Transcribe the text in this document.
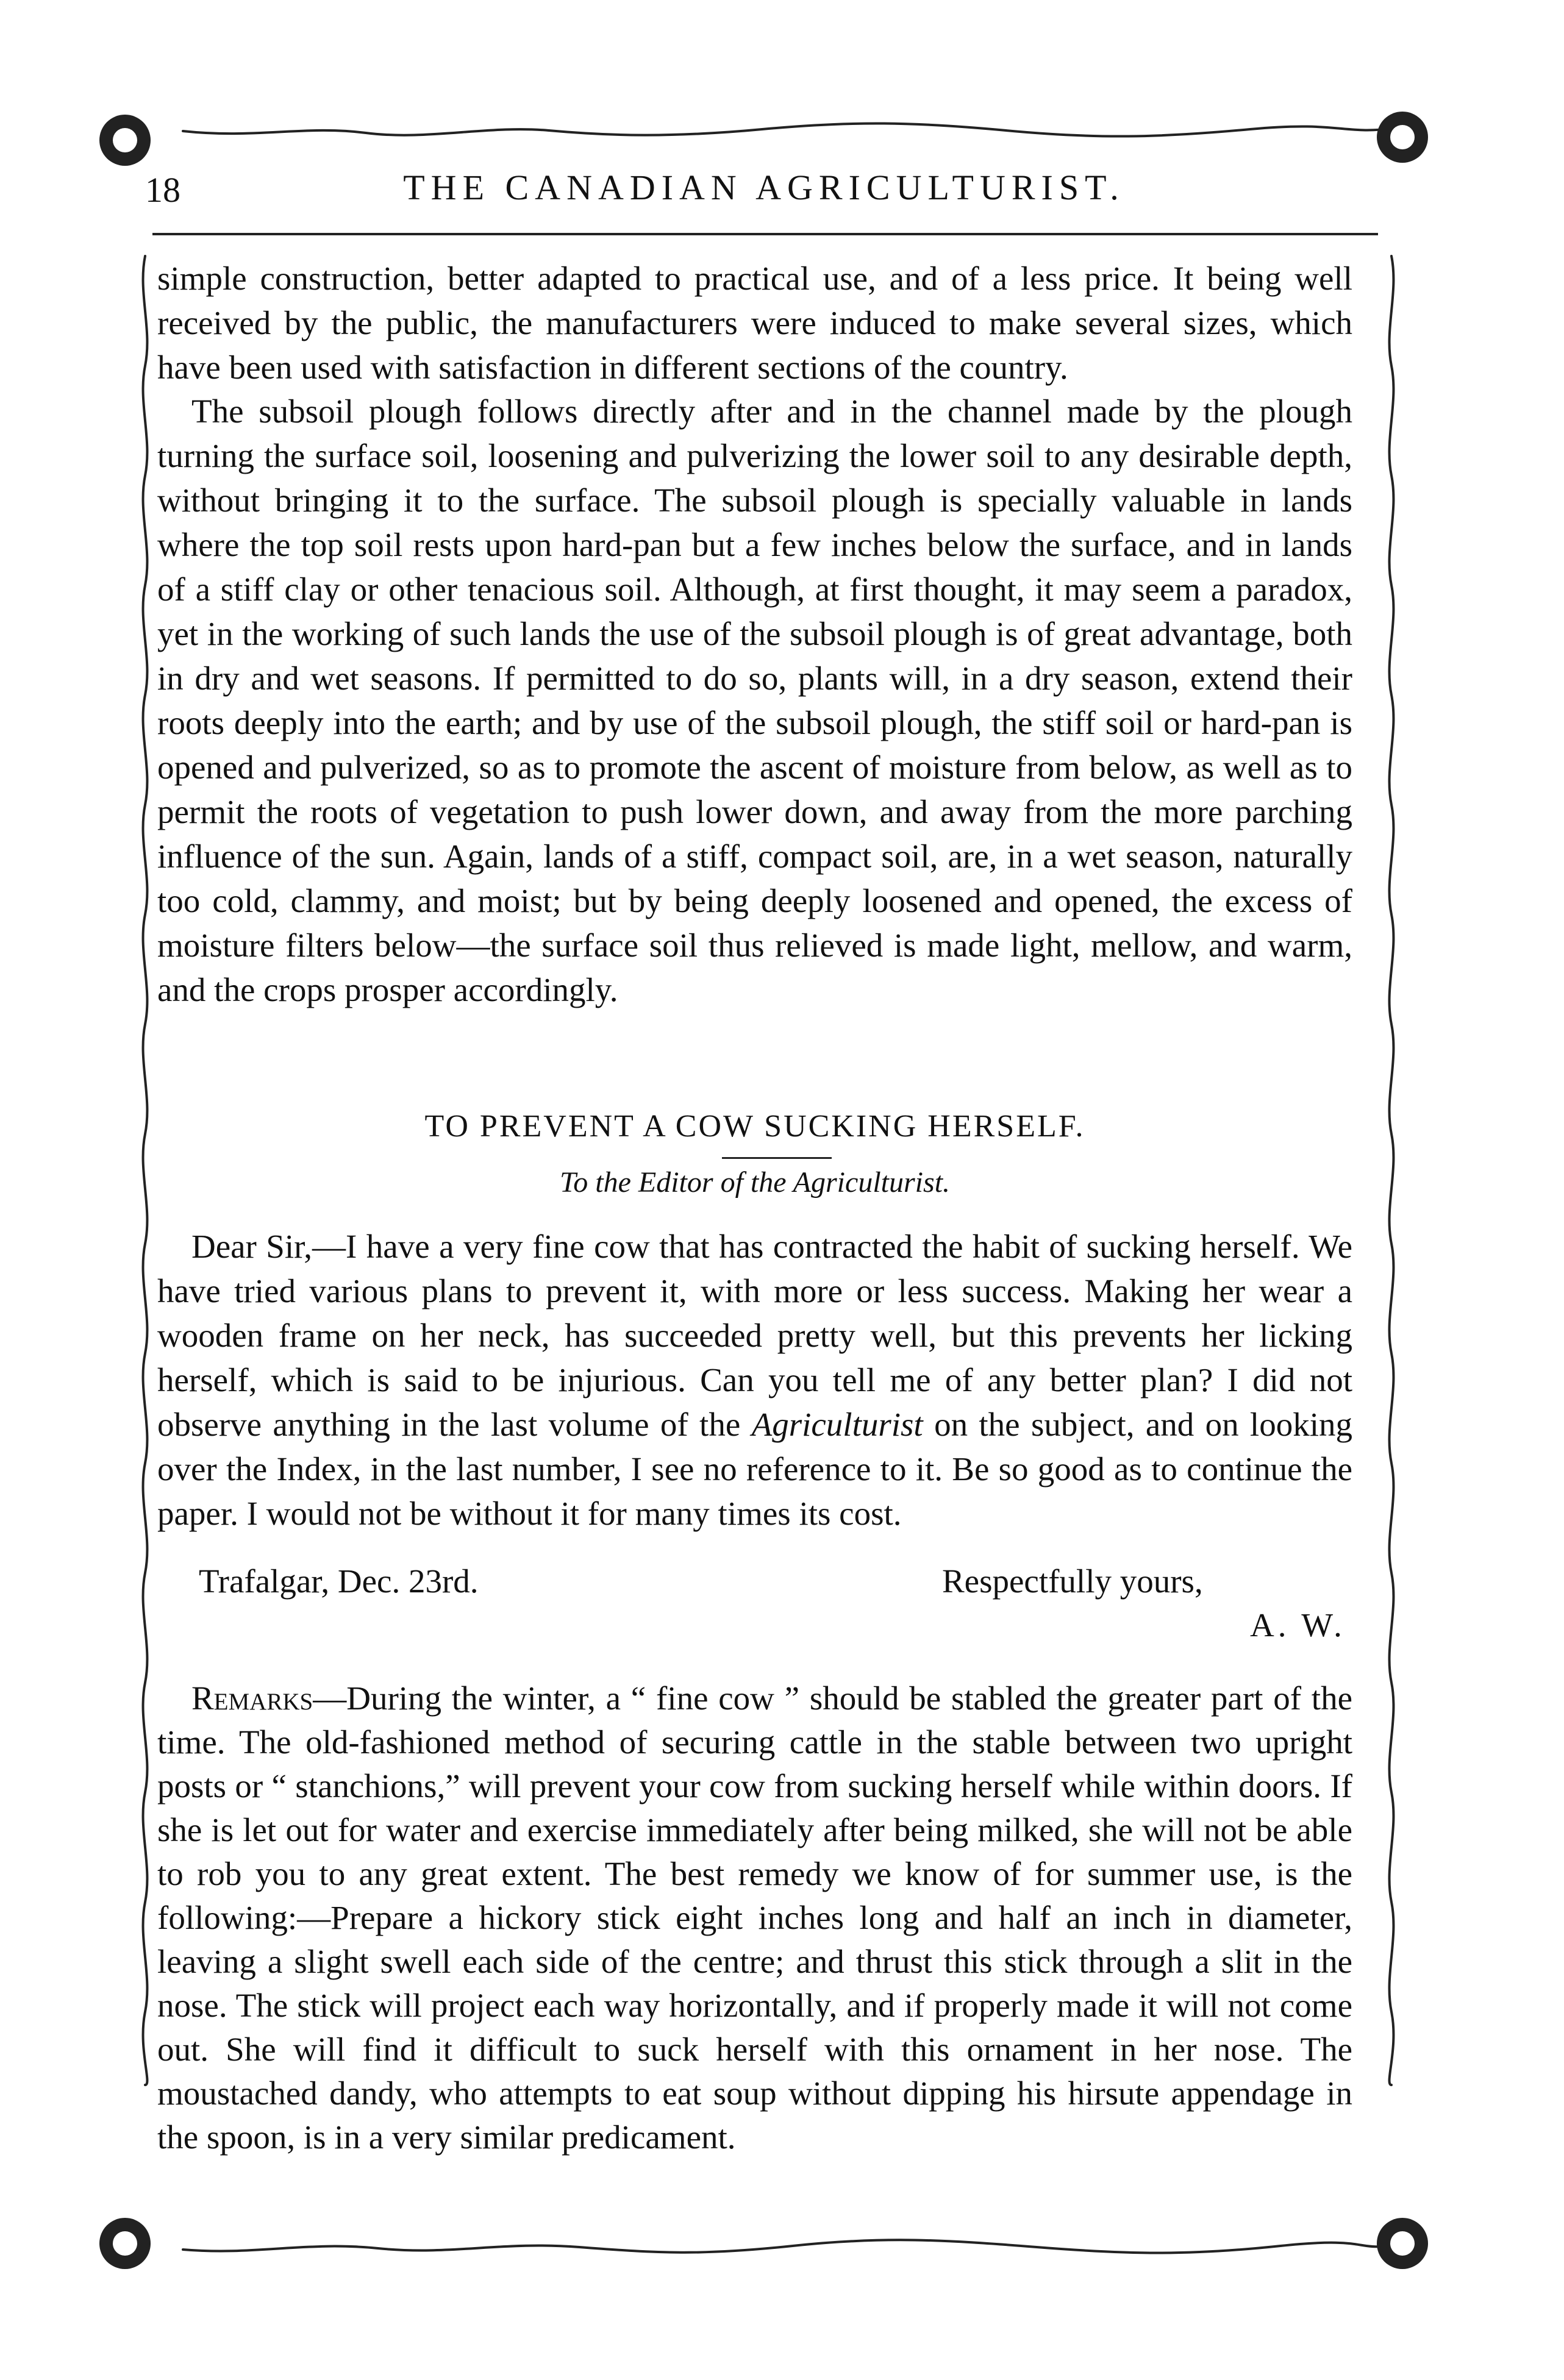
18	THE CANADIAN AGRICULTURIST.

simple construction, better adapted to practical use, and of a less price. It being well received by the public, the manufacturers were induced to make several sizes, which have been used with satisfaction in different sections of the country.

The subsoil plough follows directly after and in the channel made by the plough turning the surface soil, loosening and pulverizing the lower soil to any desirable depth, without bringing it to the surface. The subsoil plough is specially valuable in lands where the top soil rests upon hard-pan but a few inches below the surface, and in lands of a stiff clay or other tenacious soil. Although, at first thought, it may seem a paradox, yet in the working of such lands the use of the subsoil plough is of great advantage, both in dry and wet seasons. If permitted to do so, plants will, in a dry season, extend their roots deeply into the earth; and by use of the subsoil plough, the stiff soil or hard-pan is opened and pulverized, so as to promote the ascent of moisture from below, as well as to permit the roots of vegetation to push lower down, and away from the more parching influence of the sun. Again, lands of a stiff, compact soil, are, in a wet season, naturally too cold, clammy, and moist; but by being deeply loosened and opened, the excess of moisture filters below—the surface soil thus relieved is made light, mellow, and warm, and the crops prosper accordingly.

TO PREVENT A COW SUCKING HERSELF.
To the Editor of the Agriculturist.

Dear Sir,—I have a very fine cow that has contracted the habit of sucking herself. We have tried various plans to prevent it, with more or less success. Making her wear a wooden frame on her neck, has succeeded pretty well, but this prevents her licking herself, which is said to be injurious. Can you tell me of any better plan? I did not observe anything in the last volume of the Agriculturist on the subject, and on looking over the Index, in the last number, I see no reference to it. Be so good as to continue the paper. I would not be without it for many times its cost.

Trafalgar, Dec. 23rd.	Respectfully yours,
A. W.

Remarks—During the winter, a “ fine cow ” should be stabled the greater part of the time. The old-fashioned method of securing cattle in the stable between two upright posts or “ stanchions,” will prevent your cow from sucking herself while within doors. If she is let out for water and exercise immediately after being milked, she will not be able to rob you to any great extent. The best remedy we know of for summer use, is the following:—Prepare a hickory stick eight inches long and half an inch in diameter, leaving a slight swell each side of the centre; and thrust this stick through a slit in the nose. The stick will project each way horizontally, and if properly made it will not come out. She will find it difficult to suck herself with this ornament in her nose. The moustached dandy, who attempts to eat soup without dipping his hirsute appendage in the spoon, is in a very similar predicament.
